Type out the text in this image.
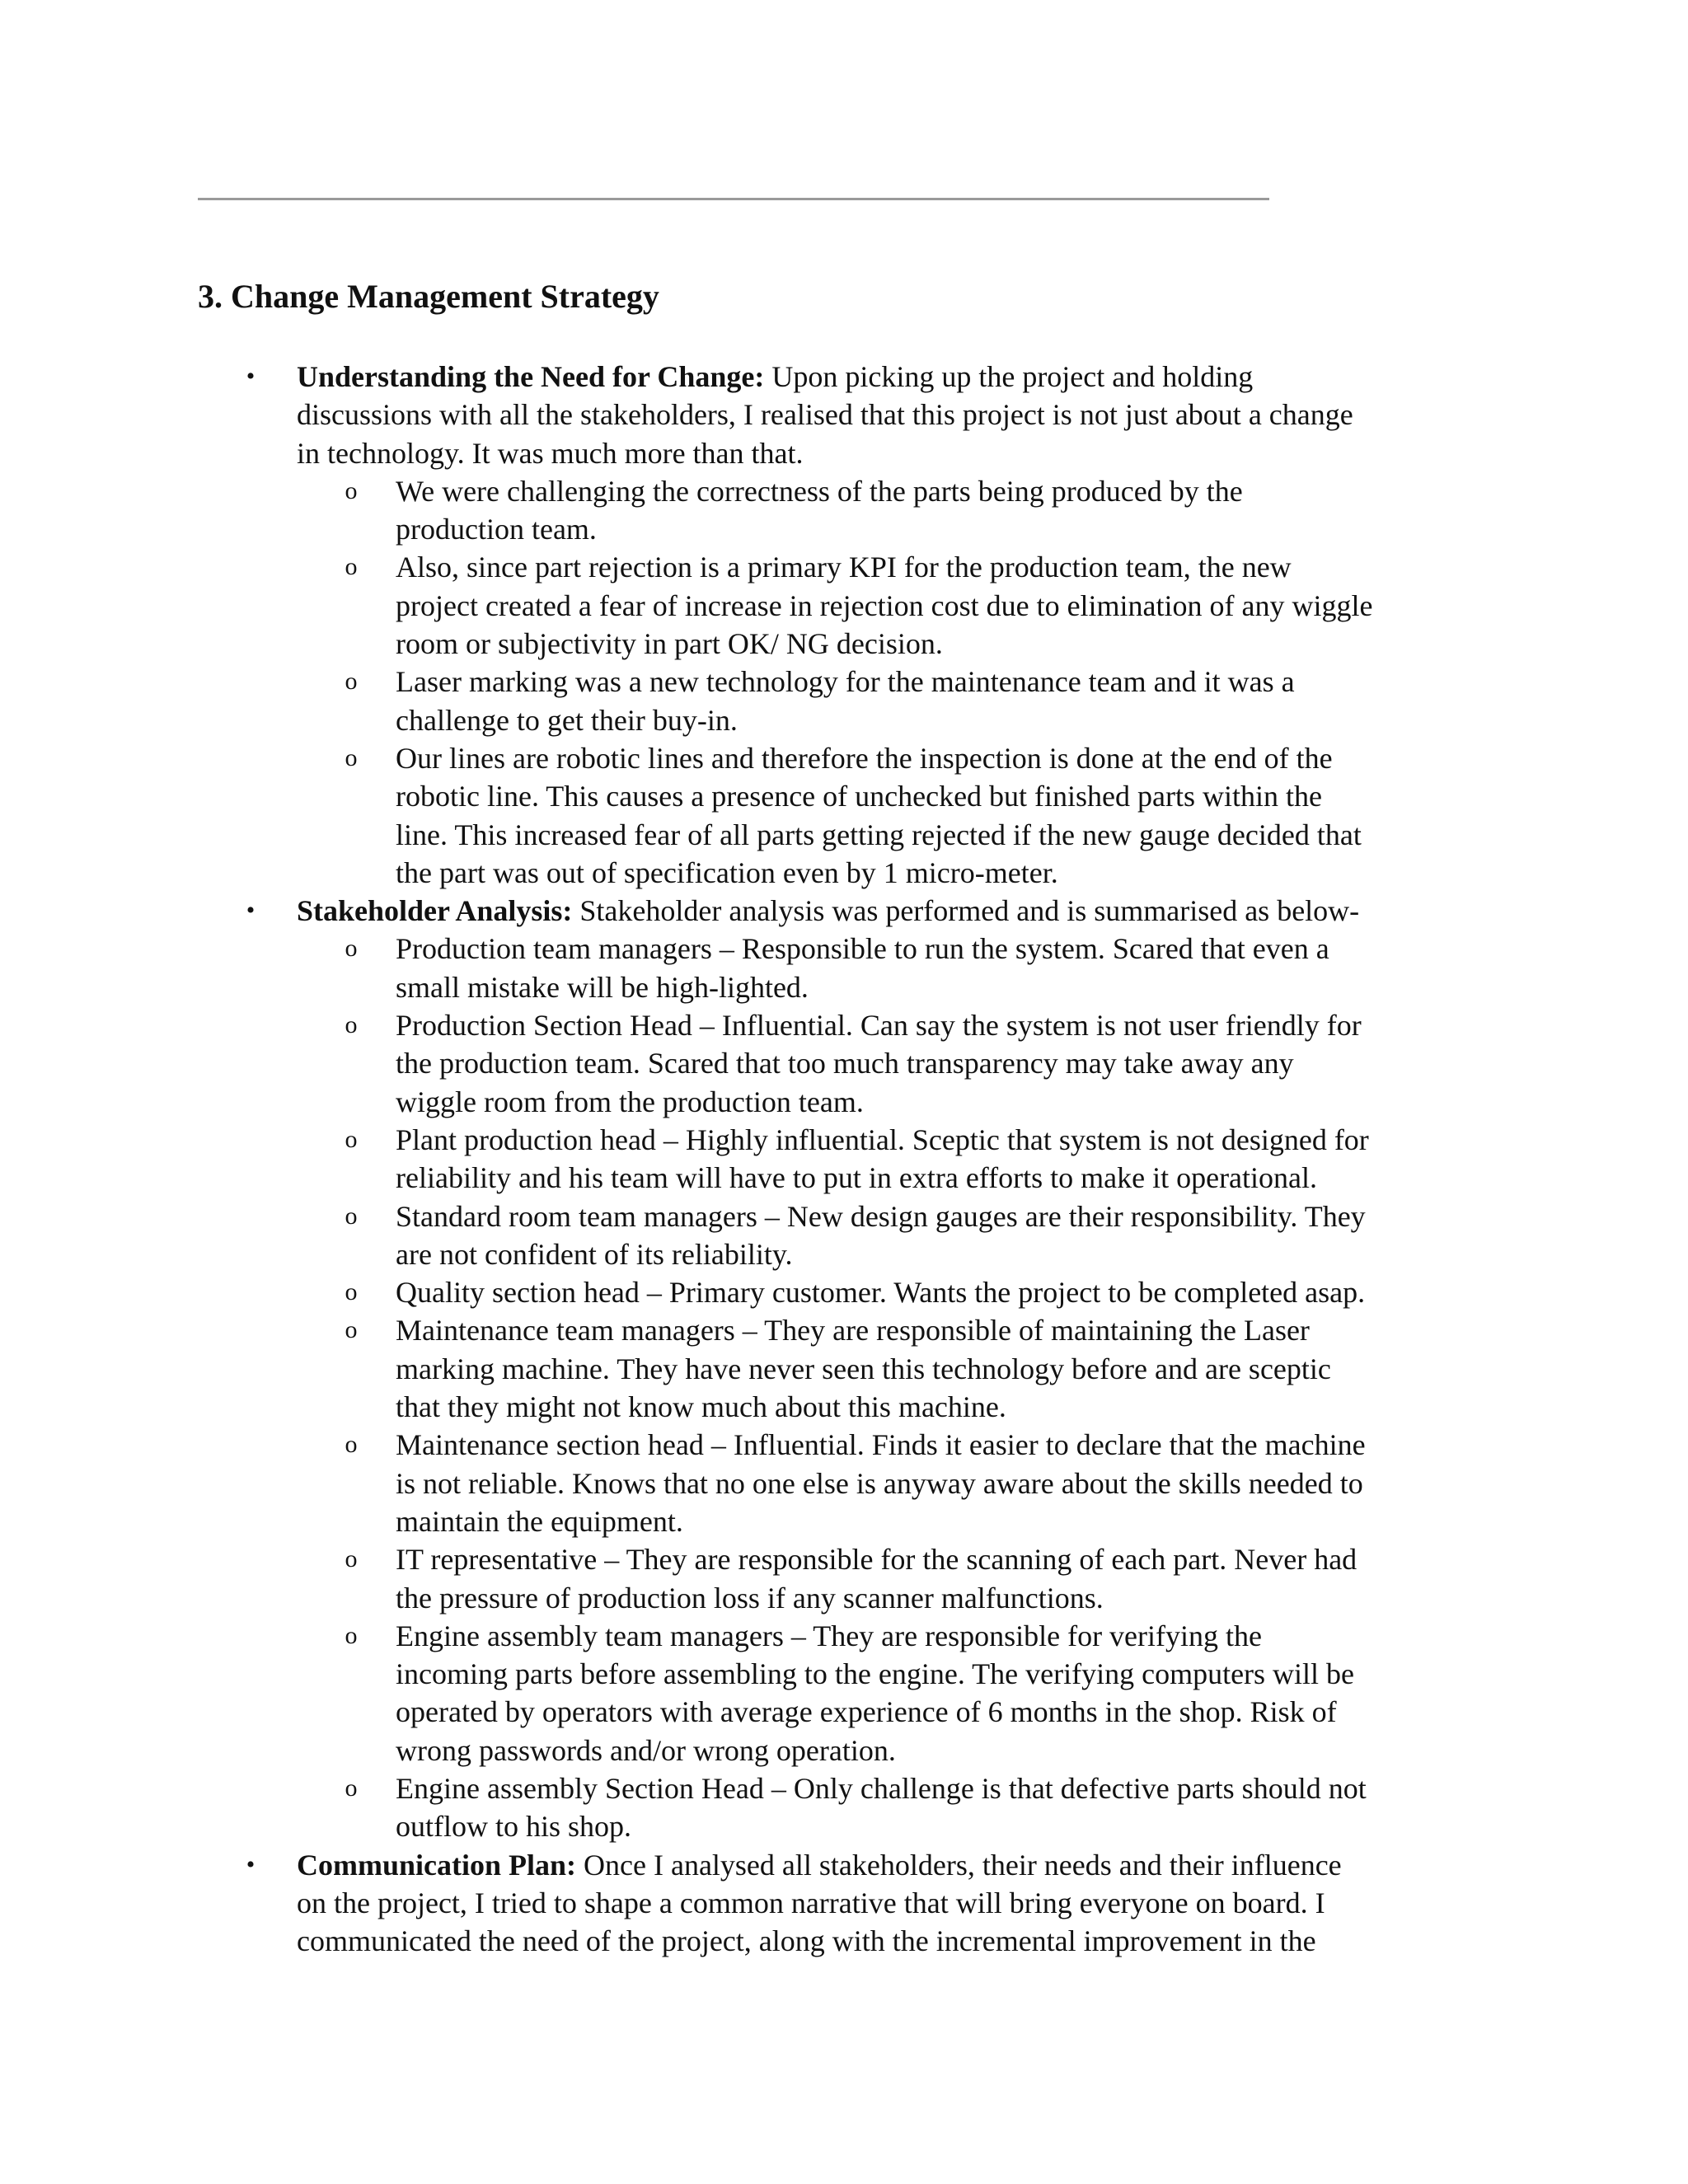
3. Change Management Strategy
• Understanding the Need for Change: Upon picking up the project and holding
discussions with all the stakeholders, I realised that this project is not just about a change
in technology. It was much more than that.
o We were challenging the correctness of the parts being produced by the
production team.
o Also, since part rejection is a primary KPI for the production team, the new
project created a fear of increase in rejection cost due to elimination of any wiggle
room or subjectivity in part OK/ NG decision.
o Laser marking was a new technology for the maintenance team and it was a
challenge to get their buy-in.
o Our lines are robotic lines and therefore the inspection is done at the end of the
robotic line. This causes a presence of unchecked but finished parts within the
line. This increased fear of all parts getting rejected if the new gauge decided that
the part was out of specification even by 1 micro-meter.
• Stakeholder Analysis: Stakeholder analysis was performed and is summarised as below-
o Production team managers – Responsible to run the system. Scared that even a
small mistake will be high-lighted.
o Production Section Head – Influential. Can say the system is not user friendly for
the production team. Scared that too much transparency may take away any
wiggle room from the production team.
o Plant production head – Highly influential. Sceptic that system is not designed for
reliability and his team will have to put in extra efforts to make it operational.
o Standard room team managers – New design gauges are their responsibility. They
are not confident of its reliability.
o Quality section head – Primary customer. Wants the project to be completed asap.
o Maintenance team managers – They are responsible of maintaining the Laser
marking machine. They have never seen this technology before and are sceptic
that they might not know much about this machine.
o Maintenance section head – Influential. Finds it easier to declare that the machine
is not reliable. Knows that no one else is anyway aware about the skills needed to
maintain the equipment.
o IT representative – They are responsible for the scanning of each part. Never had
the pressure of production loss if any scanner malfunctions.
o Engine assembly team managers – They are responsible for verifying the
incoming parts before assembling to the engine. The verifying computers will be
operated by operators with average experience of 6 months in the shop. Risk of
wrong passwords and/or wrong operation.
o Engine assembly Section Head – Only challenge is that defective parts should not
outflow to his shop.
• Communication Plan: Once I analysed all stakeholders, their needs and their influence
on the project, I tried to shape a common narrative that will bring everyone on board. I
communicated the need of the project, along with the incremental improvement in the
